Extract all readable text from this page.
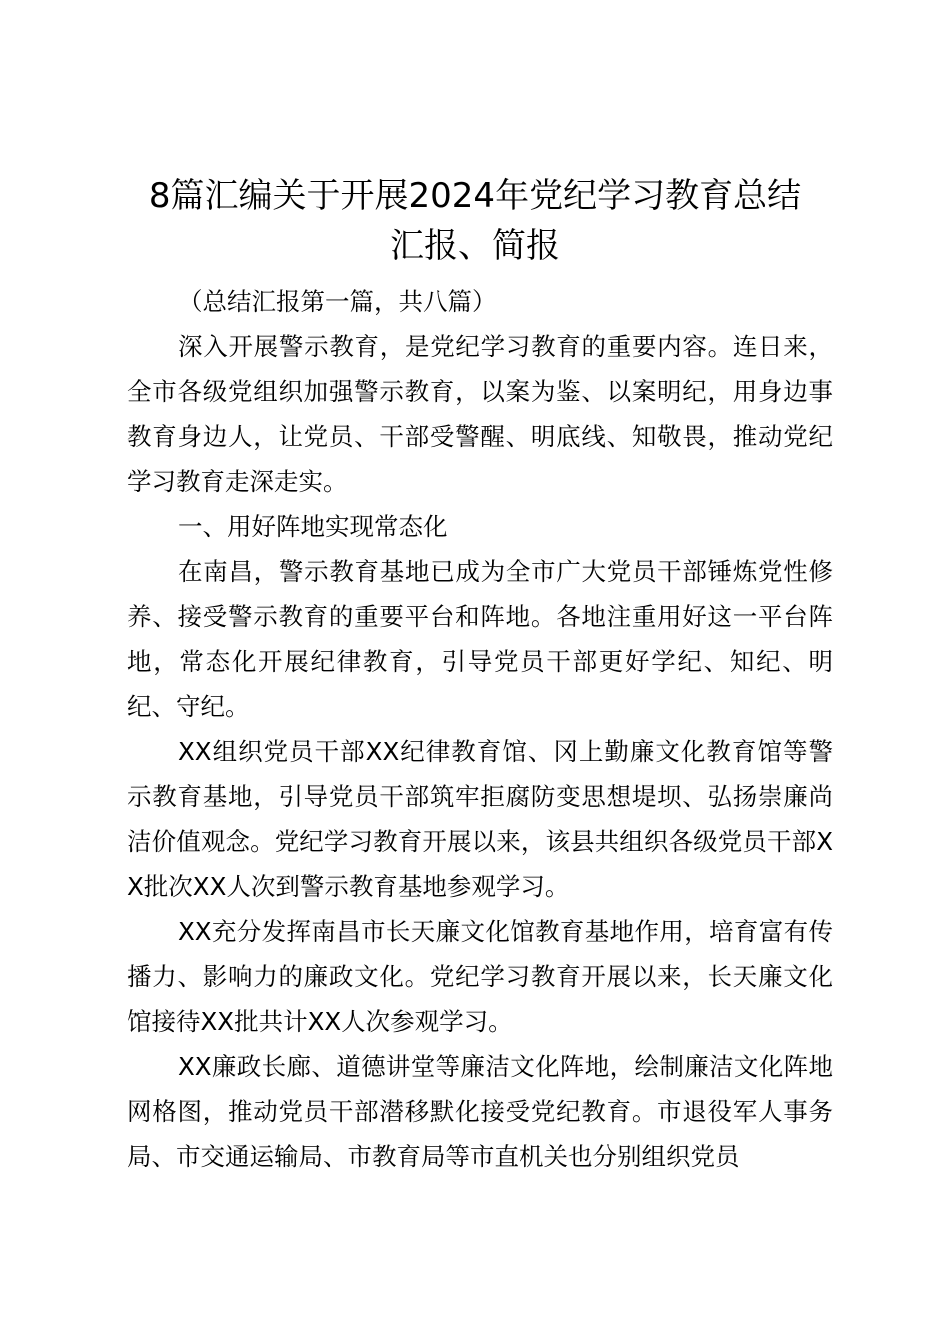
8篇汇编关于开展2024年党纪学习教育总结
汇报、简报

（总结汇报第一篇，共八篇）

深入开展警示教育，是党纪学习教育的重要内容。连日来，全市各级党组织加强警示教育，以案为鉴、以案明纪，用身边事教育身边人，让党员、干部受警醒、明底线、知敬畏，推动党纪学习教育走深走实。

一、用好阵地实现常态化

在南昌，警示教育基地已成为全市广大党员干部锤炼党性修养、接受警示教育的重要平台和阵地。各地注重用好这一平台阵地，常态化开展纪律教育，引导党员干部更好学纪、知纪、明纪、守纪。

XX组织党员干部XX纪律教育馆、冈上勤廉文化教育馆等警示教育基地，引导党员干部筑牢拒腐防变思想堤坝、弘扬崇廉尚洁价值观念。党纪学习教育开展以来，该县共组织各级党员干部XX批次XX人次到警示教育基地参观学习。

XX充分发挥南昌市长天廉文化馆教育基地作用，培育富有传播力、影响力的廉政文化。党纪学习教育开展以来，长天廉文化馆接待XX批共计XX人次参观学习。

XX廉政长廊、道德讲堂等廉洁文化阵地，绘制廉洁文化阵地网格图，推动党员干部潜移默化接受党纪教育。市退役军人事务局、市交通运输局、市教育局等市直机关也分别组织党员
